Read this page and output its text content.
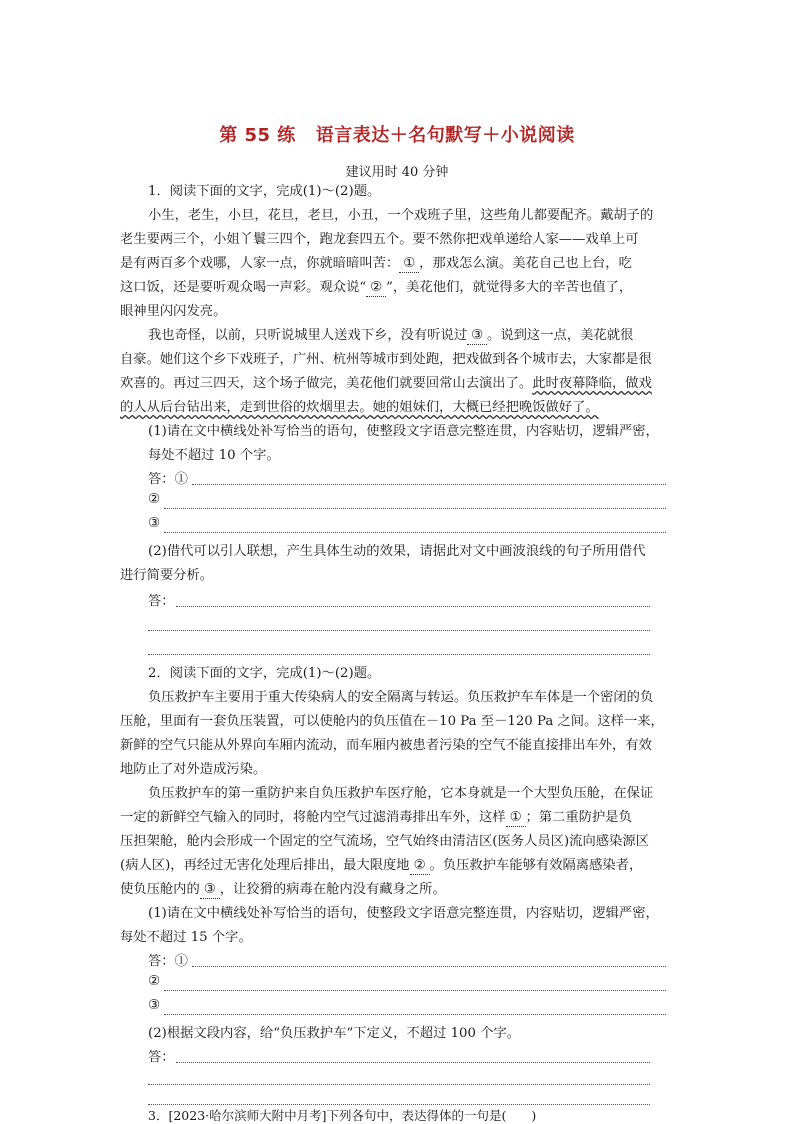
第 55 练 语言表达＋名句默写＋小说阅读
建议用时 40 分钟
1．阅读下面的文字，完成(1)～(2)题。
小生，老生，小旦，花旦，老旦，小丑，一个戏班子里，这些角儿都要配齐。戴胡子的
老生要两三个，小姐丫鬟三四个，跑龙套四五个。要不然你把戏单递给人家——戏单上可
是有两百多个戏哪，人家一点，你就暗暗叫苦： ① ，那戏怎么演。美花自己也上台，吃
这口饭，还是要听观众喝一声彩。观众说“ ② ”，美花他们，就觉得多大的辛苦也值了，
眼神里闪闪发亮。
我也奇怪，以前，只听说城里人送戏下乡，没有听说过 ③ 。说到这一点，美花就很
自豪。她们这个乡下戏班子，广州、杭州等城市到处跑，把戏做到各个城市去，大家都是很
欢喜的。再过三四天，这个场子做完，美花他们就要回常山去演出了。此时夜幕降临，做戏
的人从后台钻出来，走到世俗的炊烟里去。她的姐妹们，大概已经把晚饭做好了。
(1)请在文中横线处补写恰当的语句，使整段文字语意完整连贯，内容贴切，逻辑严密，
每处不超过 10 个字。
答：①
②
③
(2)借代可以引人联想，产生具体生动的效果，请据此对文中画波浪线的句子所用借代
进行简要分析。
答：
2．阅读下面的文字，完成(1)～(2)题。
负压救护车主要用于重大传染病人的安全隔离与转运。负压救护车车体是一个密闭的负
压舱，里面有一套负压装置，可以使舱内的负压值在－10 Pa 至－120 Pa 之间。这样一来，
新鲜的空气只能从外界向车厢内流动，而车厢内被患者污染的空气不能直接排出车外，有效
地防止了对外造成污染。
负压救护车的第一重防护来自负压救护车医疗舱，它本身就是一个大型负压舱，在保证
一定的新鲜空气输入的同时，将舱内空气过滤消毒排出车外，这样 ① ；第二重防护是负
压担架舱，舱内会形成一个固定的空气流场，空气始终由清洁区(医务人员区)流向感染源区
(病人区)，再经过无害化处理后排出，最大限度地 ② 。负压救护车能够有效隔离感染者，
使负压舱内的 ③ ，让狡猾的病毒在舱内没有藏身之所。
(1)请在文中横线处补写恰当的语句，使整段文字语意完整连贯，内容贴切，逻辑严密，
每处不超过 15 个字。
答：①
②
③
(2)根据文段内容，给“负压救护车”下定义，不超过 100 个字。
答：
3．[2023·哈尔滨师大附中月考]下列各句中，表达得体的一句是(　　)
